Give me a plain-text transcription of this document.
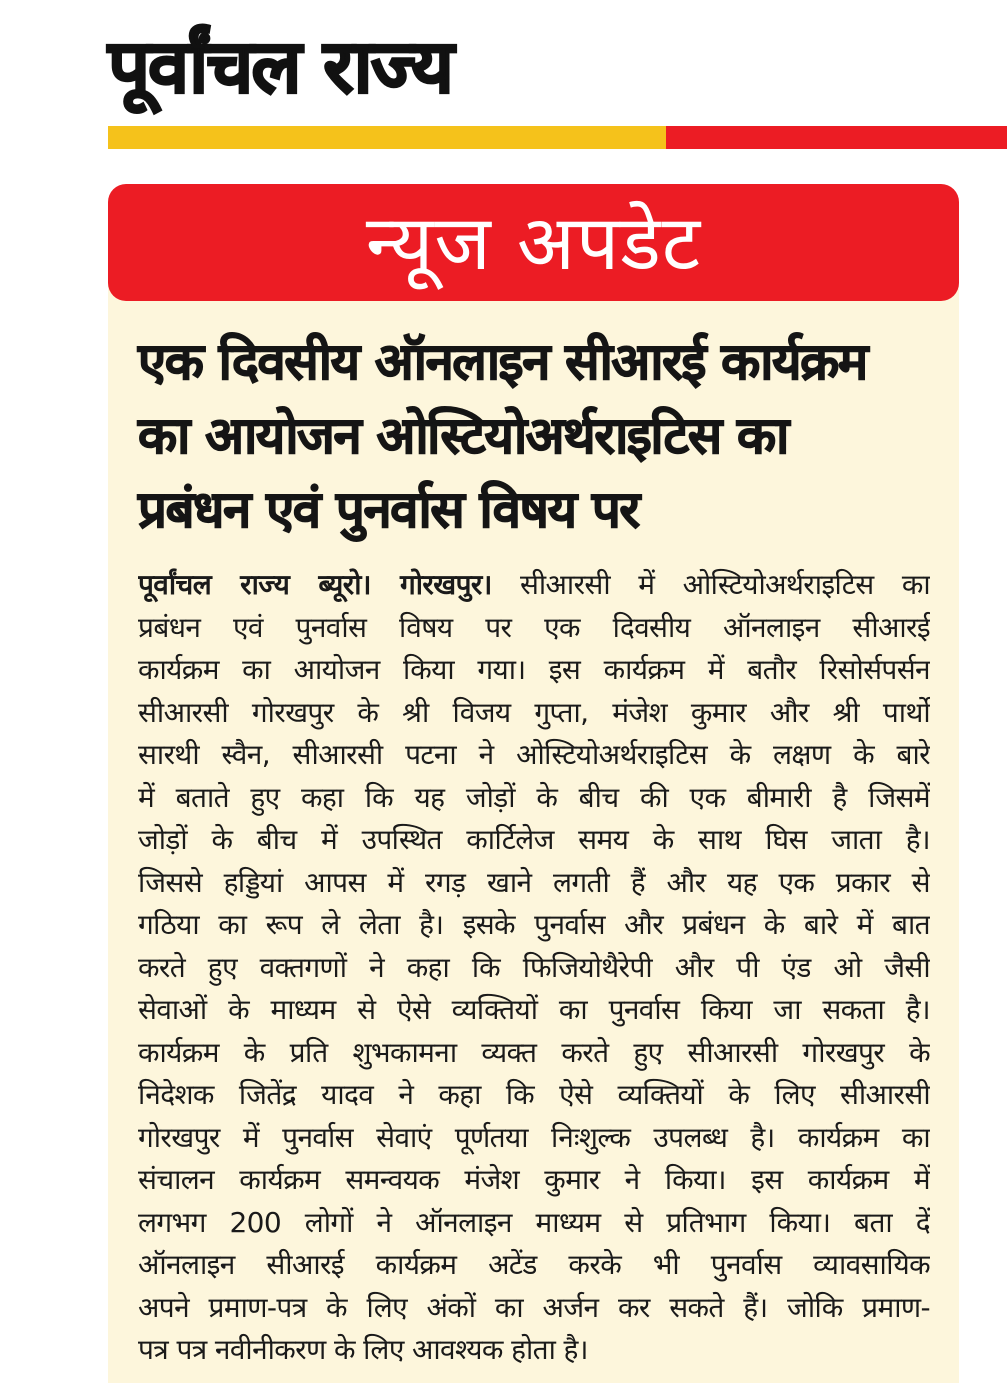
पूर्वांचल राज्य
न्यूज अपडेट
एक दिवसीय ऑनलाइन सीआरई कार्यक्रम
का आयोजन ओस्टियोअर्थराइटिस का
प्रबंधन एवं पुनर्वास विषय पर
पूर्वांचल राज्य ब्यूरो। गोरखपुर। सीआरसी में ओस्टियोअर्थराइटिस का
प्रबंधन एवं पुनर्वास विषय पर एक दिवसीय ऑनलाइन सीआरई
कार्यक्रम का आयोजन किया गया। इस कार्यक्रम में बतौर रिसोर्सपर्सन
सीआरसी गोरखपुर के श्री विजय गुप्ता, मंजेश कुमार और श्री पार्थो
सारथी स्वैन, सीआरसी पटना ने ओस्टियोअर्थराइटिस के लक्षण के बारे
में बताते हुए कहा कि यह जोड़ों के बीच की एक बीमारी है जिसमें
जोड़ों के बीच में उपस्थित कार्टिलेज समय के साथ घिस जाता है।
जिससे हड्डियां आपस में रगड़ खाने लगती हैं और यह एक प्रकार से
गठिया का रूप ले लेता है। इसके पुनर्वास और प्रबंधन के बारे में बात
करते हुए वक्तगणों ने कहा कि फिजियोथैरेपी और पी एंड ओ जैसी
सेवाओं के माध्यम से ऐसे व्यक्तियों का पुनर्वास किया जा सकता है।
कार्यक्रम के प्रति शुभकामना व्यक्त करते हुए सीआरसी गोरखपुर के
निदेशक जितेंद्र यादव ने कहा कि ऐसे व्यक्तियों के लिए सीआरसी
गोरखपुर में पुनर्वास सेवाएं पूर्णतया निःशुल्क उपलब्ध है। कार्यक्रम का
संचालन कार्यक्रम समन्वयक मंजेश कुमार ने किया। इस कार्यक्रम में
लगभग 200 लोगों ने ऑनलाइन माध्यम से प्रतिभाग किया। बता दें
ऑनलाइन सीआरई कार्यक्रम अटेंड करके भी पुनर्वास व्यावसायिक
अपने प्रमाण-पत्र के लिए अंकों का अर्जन कर सकते हैं। जोकि प्रमाण-
पत्र पत्र नवीनीकरण के लिए आवश्यक होता है।
